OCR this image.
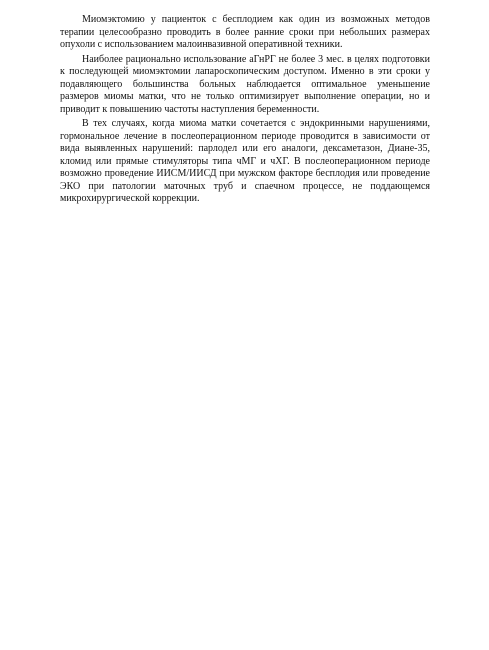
Миомэктомию у пациенток с бесплодием как один из возможных методов терапии целесообразно проводить в более ранние сроки при небольших размерах опухоли с использованием малоинвазивной оперативной техники.

Наиболее рационально использование аГнРГ не более 3 мес. в целях подготовки к последующей миомэктомии лапароскопическим доступом. Именно в эти сроки у подавляющего большинства больных наблюдается оптимальное уменьшение размеров миомы матки, что не только оптимизирует выполнение операции, но и приводит к повышению частоты наступления беременности.

В тех случаях, когда миома матки сочетается с эндокринными нарушениями, гормональное лечение в послеоперационном периоде проводится в зависимости от вида выявленных нарушений: парлодел или его аналоги, дексаметазон, Диане-35, кломид или прямые стимуляторы типа чМГ и чХГ. В послеоперационном периоде возможно проведение ИИСМ/ИИСД при мужском факторе бесплодия или проведение ЭКО при патологии маточных труб и спаечном процессе, не поддающемся микрохирургической коррекции.
